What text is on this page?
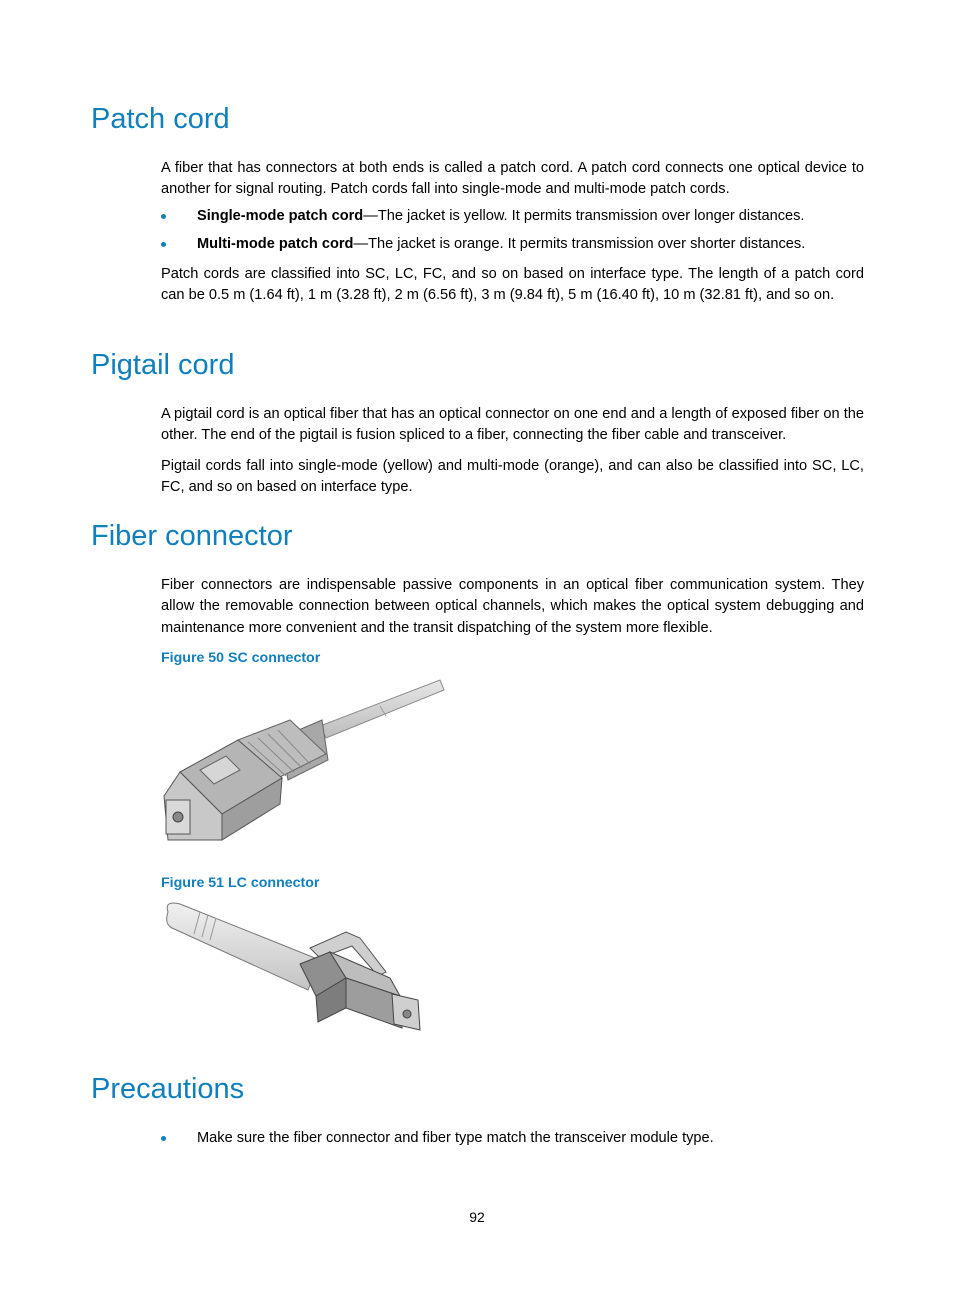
Patch cord

A fiber that has connectors at both ends is called a patch cord. A patch cord connects one optical device to another for signal routing. Patch cords fall into single-mode and multi-mode patch cords.

Single-mode patch cord—The jacket is yellow. It permits transmission over longer distances.
Multi-mode patch cord—The jacket is orange. It permits transmission over shorter distances.

Patch cords are classified into SC, LC, FC, and so on based on interface type. The length of a patch cord can be 0.5 m (1.64 ft), 1 m (3.28 ft), 2 m (6.56 ft), 3 m (9.84 ft), 5 m (16.40 ft), 10 m (32.81 ft), and so on.

Pigtail cord

A pigtail cord is an optical fiber that has an optical connector on one end and a length of exposed fiber on the other. The end of the pigtail is fusion spliced to a fiber, connecting the fiber cable and transceiver.

Pigtail cords fall into single-mode (yellow) and multi-mode (orange), and can also be classified into SC, LC, FC, and so on based on interface type.

Fiber connector

Fiber connectors are indispensable passive components in an optical fiber communication system. They allow the removable connection between optical channels, which makes the optical system debugging and maintenance more convenient and the transit dispatching of the system more flexible.

Figure 50 SC connector
Figure 51 LC connector
Precautions
Make sure the fiber connector and fiber type match the transceiver module type.
92
